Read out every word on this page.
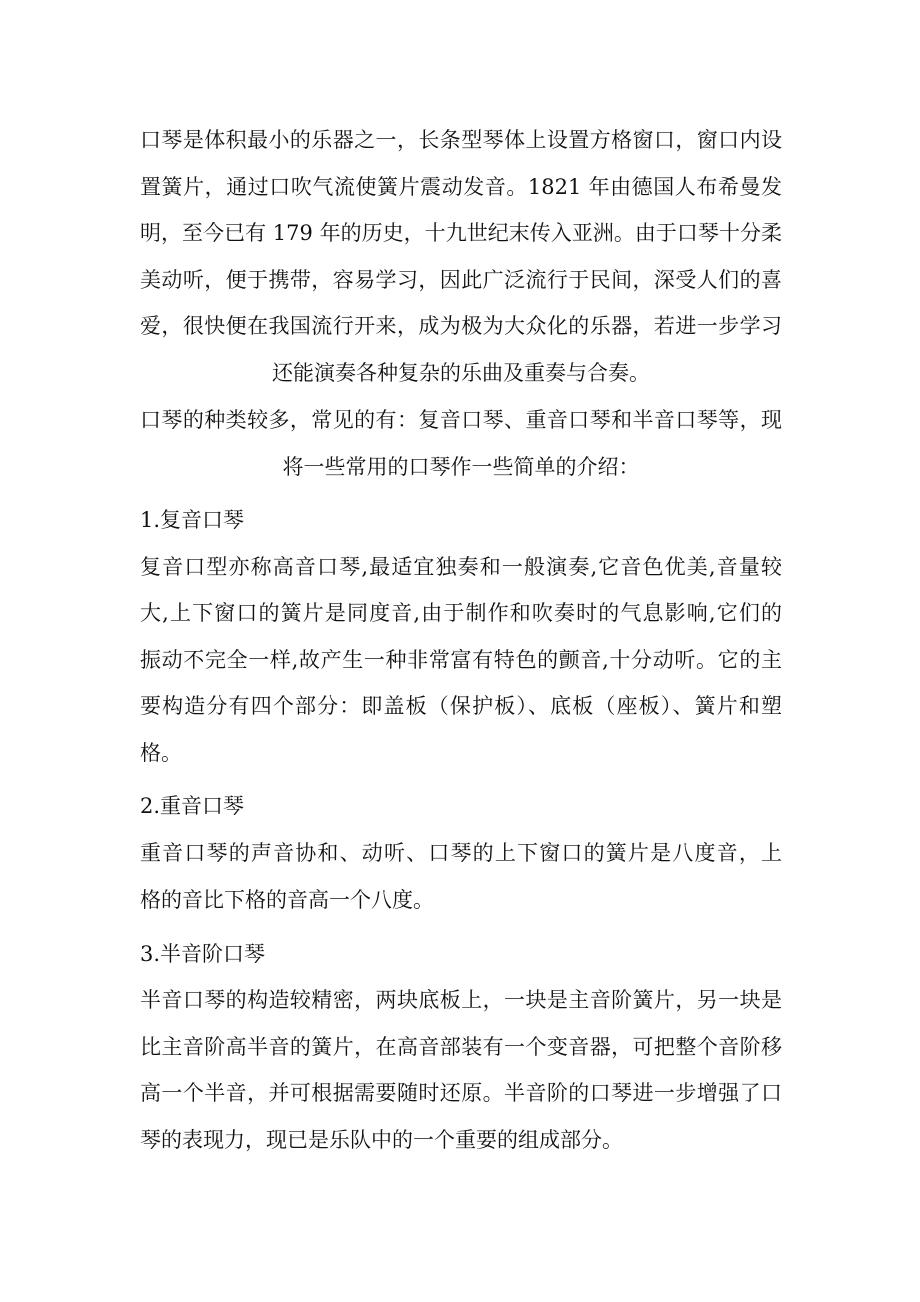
口琴是体积最小的乐器之一，长条型琴体上设置方格窗口，窗口内设
置簧片，通过口吹气流使簧片震动发音。1821 年由德国人布希曼发
明，至今已有 179 年的历史，十九世纪末传入亚洲。由于口琴十分柔
美动听，便于携带，容易学习，因此广泛流行于民间，深受人们的喜
爱，很快便在我国流行开来，成为极为大众化的乐器，若进一步学习
还能演奏各种复杂的乐曲及重奏与合奏。
口琴的种类较多，常见的有：复音口琴、重音口琴和半音口琴等，现
将一些常用的口琴作一些简单的介绍：
1.复音口琴
复音口型亦称高音口琴,最适宜独奏和一般演奏,它音色优美,音量较
大,上下窗口的簧片是同度音,由于制作和吹奏时的气息影响,它们的
振动不完全一样,故产生一种非常富有特色的颤音,十分动听。它的主
要构造分有四个部分：即盖板（保护板）、底板（座板）、簧片和塑
格。
2.重音口琴
重音口琴的声音协和、动听、口琴的上下窗口的簧片是八度音，上
格的音比下格的音高一个八度。
3.半音阶口琴
半音口琴的构造较精密，两块底板上，一块是主音阶簧片，另一块是
比主音阶高半音的簧片，在高音部装有一个变音器，可把整个音阶移
高一个半音，并可根据需要随时还原。半音阶的口琴进一步增强了口
琴的表现力，现已是乐队中的一个重要的组成部分。
